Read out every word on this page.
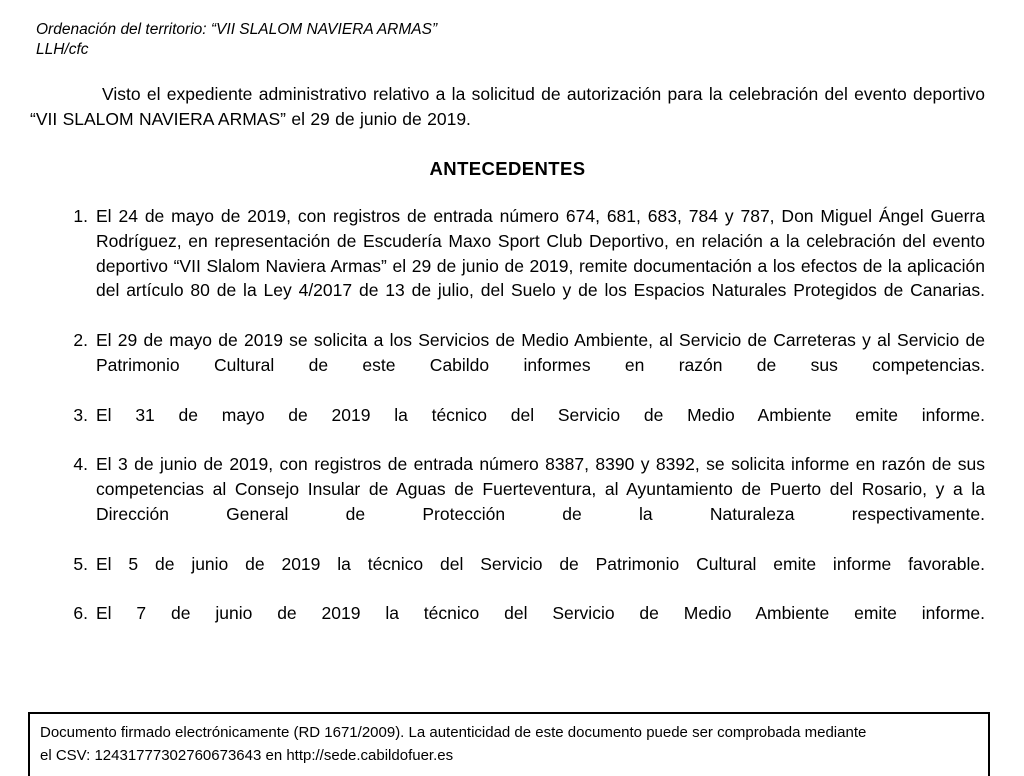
Ordenación del territorio: “VII SLALOM NAVIERA ARMAS”
LLH/cfc

Visto el expediente administrativo relativo a la solicitud de autorización para la celebración del evento deportivo “VII SLALOM NAVIERA ARMAS” el 29 de junio de 2019.

ANTECEDENTES
1. El 24 de mayo de 2019, con registros de entrada número 674, 681, 683, 784 y 787, Don Miguel Ángel Guerra Rodríguez, en representación de Escudería Maxo Sport Club Deportivo, en relación a la celebración del evento deportivo “VII Slalom Naviera Armas” el 29 de junio de 2019, remite documentación a los efectos de la aplicación del artículo 80 de la Ley 4/2017 de 13 de julio, del Suelo y de los Espacios Naturales Protegidos de Canarias.
2. El 29 de mayo de 2019 se solicita a los Servicios de Medio Ambiente, al Servicio de Carreteras y al Servicio de Patrimonio Cultural de este Cabildo informes en razón de sus competencias.
3. El 31 de mayo de 2019 la técnico del Servicio de Medio Ambiente emite informe.
4. El 3 de junio de 2019, con registros de entrada número 8387, 8390 y 8392, se solicita informe en razón de sus competencias al Consejo Insular de Aguas de Fuerteventura, al Ayuntamiento de Puerto del Rosario, y a la Dirección General de Protección de la Naturaleza respectivamente.
5. El 5 de junio de 2019 la técnico del Servicio de Patrimonio Cultural emite informe favorable.
6. El 7 de junio de 2019 la técnico del Servicio de Medio Ambiente emite informe.
Documento firmado electrónicamente (RD 1671/2009). La autenticidad de este documento puede ser comprobada mediante
el CSV: 12431777302760673643 en http://sede.cabildofuer.es
